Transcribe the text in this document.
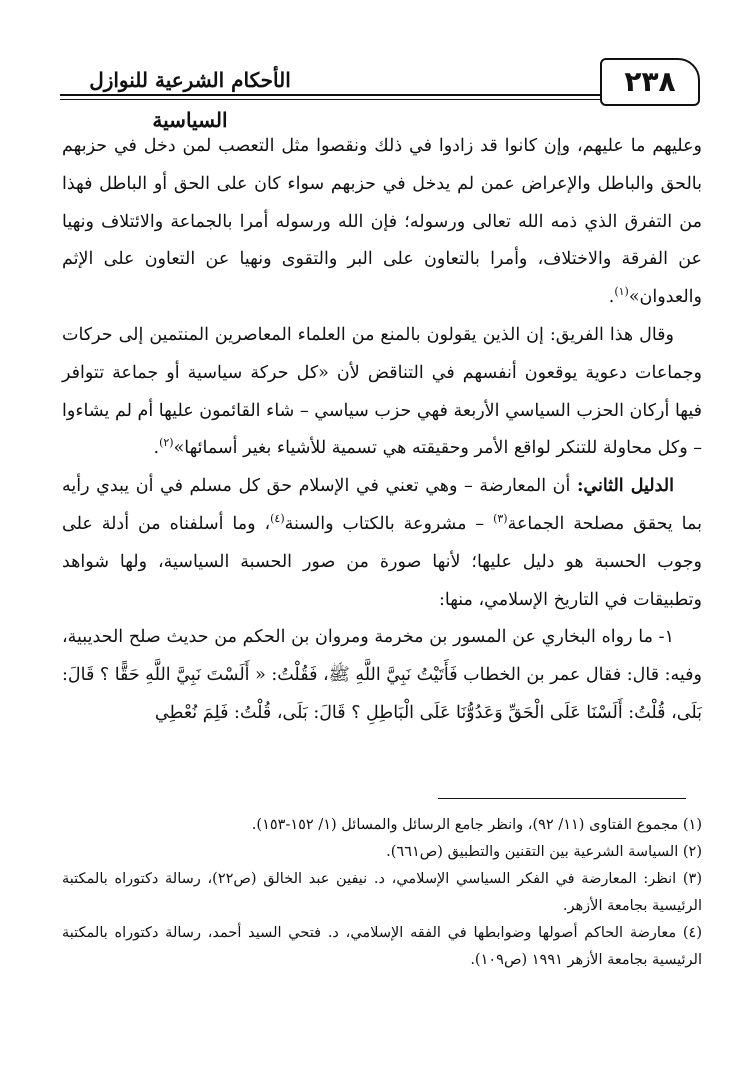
الأحكام الشرعية للنوازل السياسية
٢٣٨

وعليهم ما عليهم، وإن كانوا قد زادوا في ذلك ونقصوا مثل التعصب لمن دخل في حزبهم بالحق والباطل والإعراض عمن لم يدخل في حزبهم سواء كان على الحق أو الباطل فهذا من التفرق الذي ذمه الله تعالى ورسوله؛ فإن الله ورسوله أمرا بالجماعة والائتلاف ونهيا عن الفرقة والاختلاف، وأمرا بالتعاون على البر والتقوى ونهيا عن التعاون على الإثم والعدوان»$^{(١)}$.

وقال هذا الفريق: إن الذين يقولون بالمنع من العلماء المعاصرين المنتمين إلى حركات وجماعات دعوية يوقعون أنفسهم في التناقض لأن «كل حركة سياسية أو جماعة تتوافر فيها أركان الحزب السياسي الأربعة فهي حزب سياسي – شاء القائمون عليها أم لم يشاءوا – وكل محاولة للتنكر لواقع الأمر وحقيقته هي تسمية للأشياء بغير أسمائها»$^{(٢)}$.

الدليل الثاني: أن المعارضة – وهي تعني في الإسلام حق كل مسلم في أن يبدي رأيه بما يحقق مصلحة الجماعة$^{(٣)}$ – مشروعة بالكتاب والسنة$^{(٤)}$، وما أسلفناه من أدلة على وجوب الحسبة هو دليل عليها؛ لأنها صورة من صور الحسبة السياسية، ولها شواهد وتطبيقات في التاريخ الإسلامي، منها:

١- ما رواه البخاري عن المسور بن مخرمة ومروان بن الحكم من حديث صلح الحديبية، وفيه: قال: فقال عمر بن الخطاب فَأَتَيْتُ نَبِيَّ اللَّهِ ﷺ، فَقُلْتُ: « أَلَسْتَ نَبِيَّ اللَّهِ حَقًّا ؟ قَالَ: بَلَى، قُلْتُ: أَلَسْنَا عَلَى الْحَقِّ وَعَدُوُّنَا عَلَى الْبَاطِلِ ؟ قَالَ: بَلَى، قُلْتُ: فَلِمَ نُعْطِي

(١) مجموع الفتاوى (١١/ ٩٢)، وانظر جامع الرسائل والمسائل (١/ ١٥٢-١٥٣).

(٢) السياسة الشرعية بين التقنين والتطبيق (ص٦٦١).

(٣) انظر: المعارضة في الفكر السياسي الإسلامي، د. نيفين عبد الخالق (ص٢٢)، رسالة دكتوراه بالمكتبة الرئيسية بجامعة الأزهر.

(٤) معارضة الحاكم أصولها وضوابطها في الفقه الإسلامي، د. فتحي السيد أحمد، رسالة دكتوراه بالمكتبة الرئيسية بجامعة الأزهر ١٩٩١ (ص١٠٩).
